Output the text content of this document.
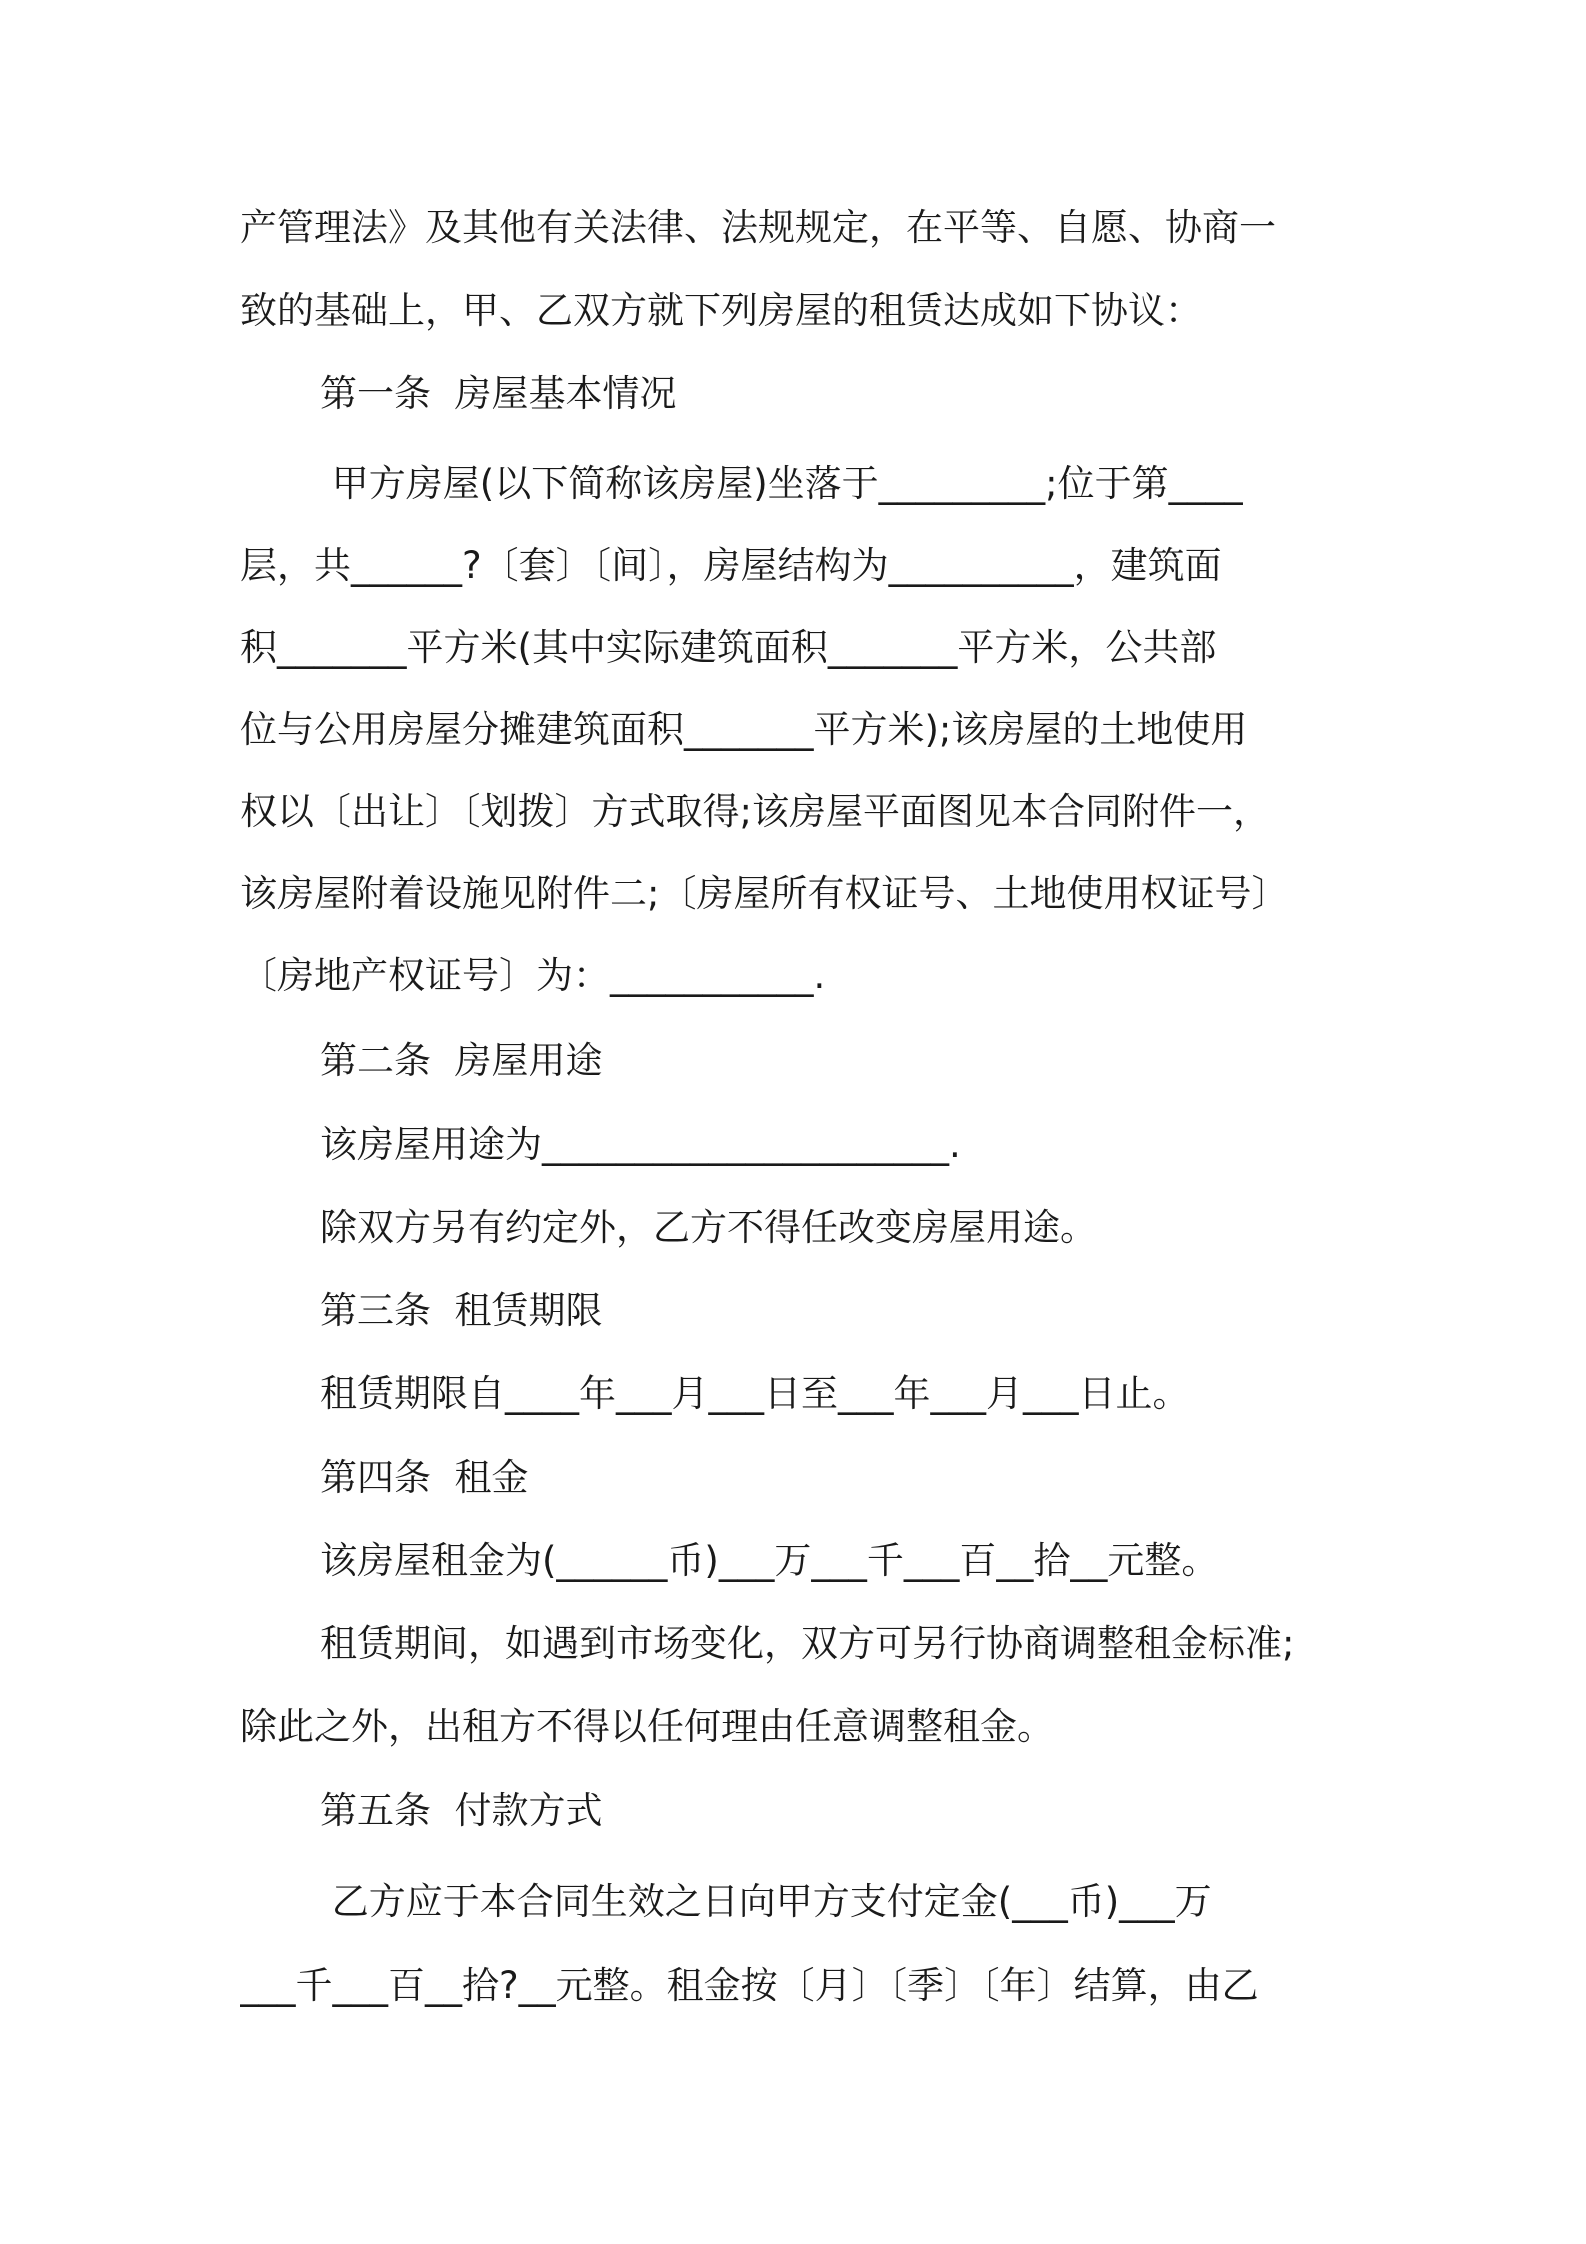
产管理法》及其他有关法律、法规规定，在平等、自愿、协商一
致的基础上，甲、乙双方就下列房屋的租赁达成如下协议：
第一条  房屋基本情况
甲方房屋(以下简称该房屋)坐落于_________;位于第____
层，共______?〔套〕〔间〕，房屋结构为__________，建筑面
积_______平方米(其中实际建筑面积_______平方米，公共部
位与公用房屋分摊建筑面积_______平方米);该房屋的土地使用
权以〔出让〕〔划拨〕方式取得;该房屋平面图见本合同附件一，
该房屋附着设施见附件二;〔房屋所有权证号、土地使用权证号〕
〔房地产权证号〕为：___________.
第二条  房屋用途
该房屋用途为______________________.
除双方另有约定外，乙方不得任改变房屋用途。
第三条  租赁期限
租赁期限自____年___月___日至___年___月___日止。
第四条  租金
该房屋租金为(______币)___万___千___百__拾__元整。
租赁期间，如遇到市场变化，双方可另行协商调整租金标准;
除此之外，出租方不得以任何理由任意调整租金。
第五条  付款方式
乙方应于本合同生效之日向甲方支付定金(___币)___万
___千___百__拾?__元整。租金按〔月〕〔季〕〔年〕结算，由乙
